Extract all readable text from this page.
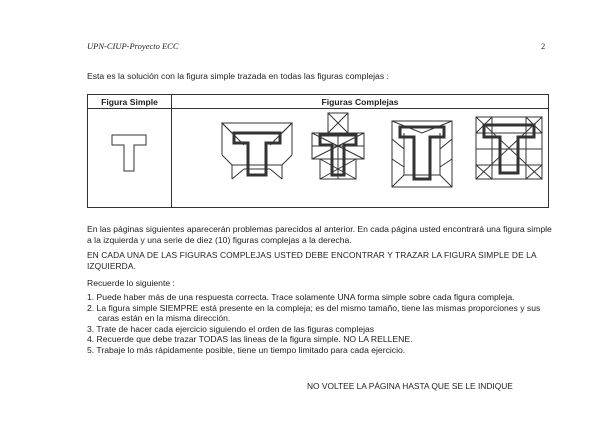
UPN-CIUP-Proyecto ECC	2
Esta es la solución con la figura simple trazada en todas las figuras complejas :
Figura Simple	Figuras Complejas

En las páginas siguientes aparecerán problemas parecidos al anterior. En cada página usted encontrará una figura simple a la izquierda y una serie de diez (10) figuras complejas a la derecha.
EN CADA UNA DE LAS FIGURAS COMPLEJAS USTED DEBE ENCONTRAR Y TRAZAR LA FIGURA SIMPLE DE LA IZQUIERDA.
Recuerde lo siguiente :
1. Puede haber más de una respuesta correcta. Trace solamente UNA forma simple sobre cada figura compleja.
2. La figura simple SIEMPRE está presente en la compleja; es del mismo tamaño, tiene las mismas proporciones y sus caras están en la misma dirección.
3. Trate de hacer cada ejercicio siguiendo el orden de las figuras complejas
4. Recuerde que debe trazar TODAS las lineas de la figura simple. NO LA RELLENE.
5. Trabaje lo más rápidamente posible, tiene un tiempo limitado para cada ejercicio.
NO VOLTEE LA PÁGINA HASTA QUE SE LE INDIQUE
